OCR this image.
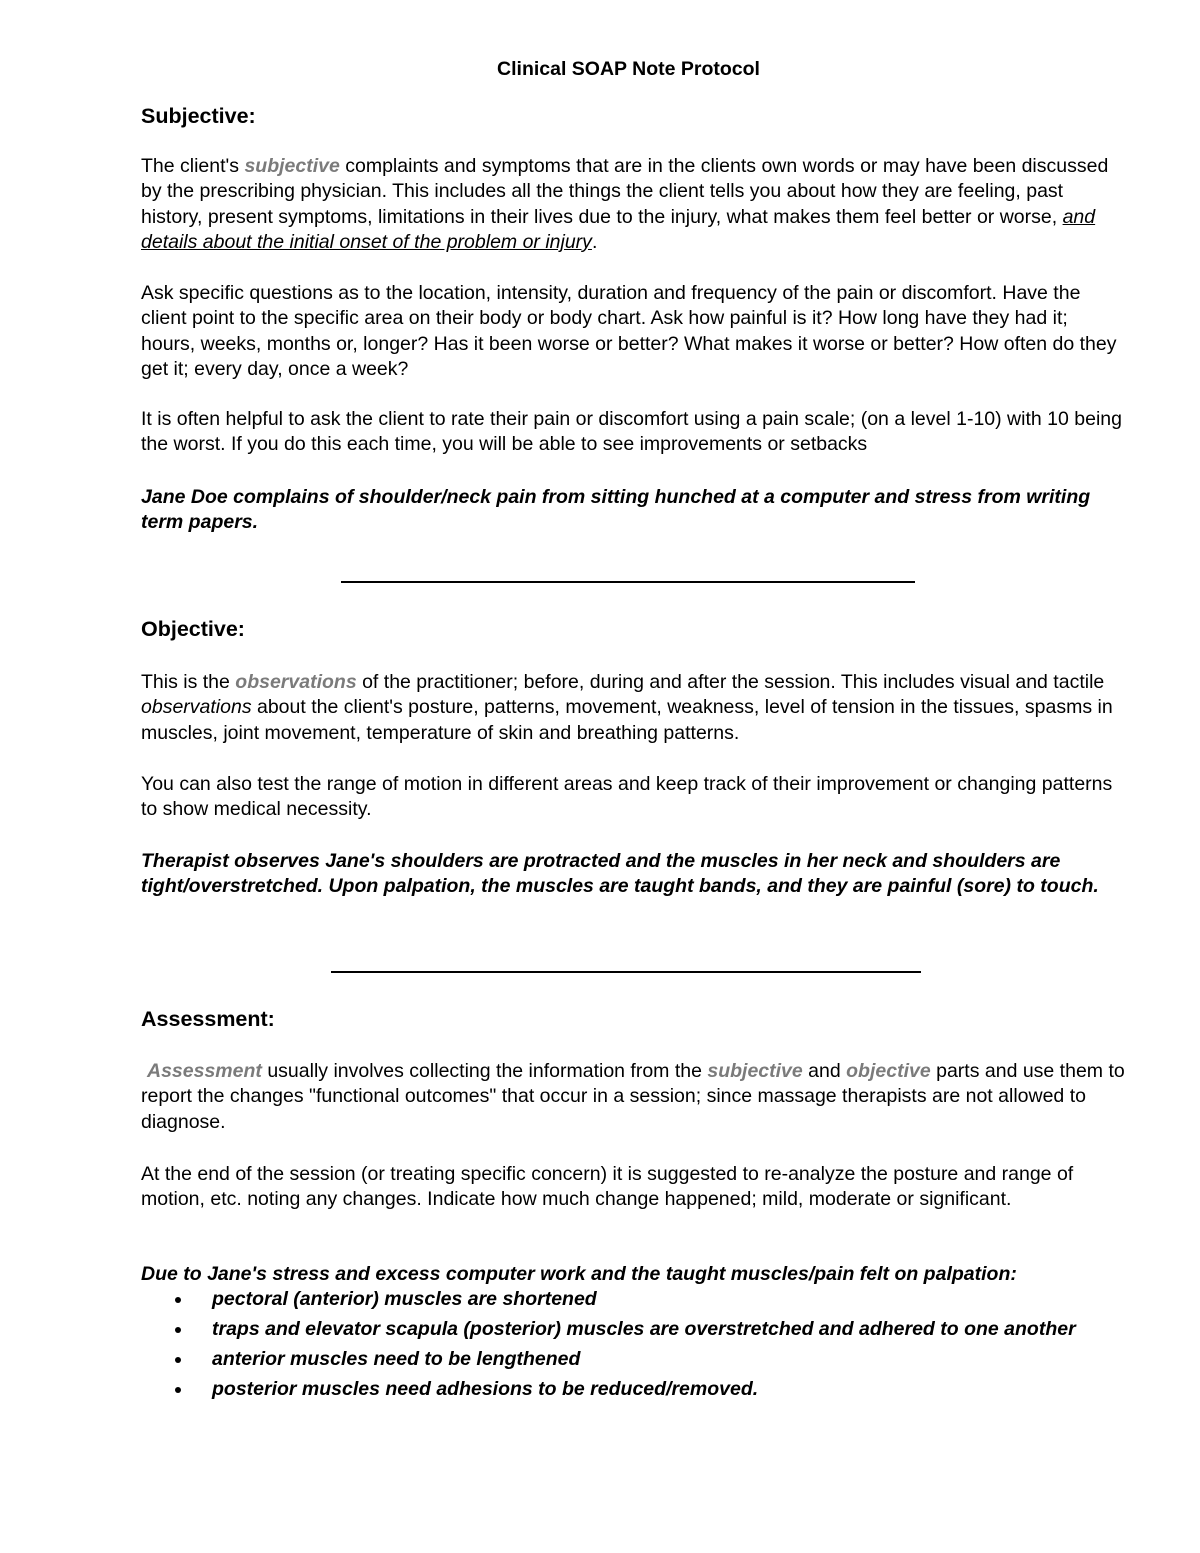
Clinical SOAP Note Protocol
Subjective:
The client's subjective complaints and symptoms that are in the clients own words or may have been discussed by the prescribing physician. This includes all the things the client tells you about how they are feeling, past history, present symptoms, limitations in their lives due to the injury, what makes them feel better or worse, and details about the initial onset of the problem or injury.
Ask specific questions as to the location, intensity, duration and frequency of the pain or discomfort. Have the client point to the specific area on their body or body chart. Ask how painful is it? How long have they had it; hours, weeks, months or, longer? Has it been worse or better? What makes it worse or better? How often do they get it; every day, once a week?
It is often helpful to ask the client to rate their pain or discomfort using a pain scale; (on a level 1-10) with 10 being the worst. If you do this each time, you will be able to see improvements or setbacks
Jane Doe complains of shoulder/neck pain from sitting hunched at a computer and stress from writing term papers.
Objective:
This is the observations of the practitioner; before, during and after the session. This includes visual and tactile observations about the client's posture, patterns, movement, weakness, level of tension in the tissues, spasms in muscles, joint movement, temperature of skin and breathing patterns.
You can also test the range of motion in different areas and keep track of their improvement or changing patterns to show medical necessity.
Therapist observes Jane's shoulders are protracted and the muscles in her neck and shoulders are tight/overstretched. Upon palpation, the muscles are taught bands, and they are painful (sore) to touch.
Assessment:
Assessment usually involves collecting the information from the subjective and objective parts and use them to report the changes "functional outcomes" that occur in a session; since massage therapists are not allowed to diagnose.
At the end of the session (or treating specific concern) it is suggested to re-analyze the posture and range of motion, etc. noting any changes. Indicate how much change happened; mild, moderate or significant.
Due to Jane's stress and excess computer work and the taught muscles/pain felt on palpation:
pectoral (anterior) muscles are shortened
traps and elevator scapula (posterior) muscles are overstretched and adhered to one another
anterior muscles need to be lengthened
posterior muscles need adhesions to be reduced/removed.
